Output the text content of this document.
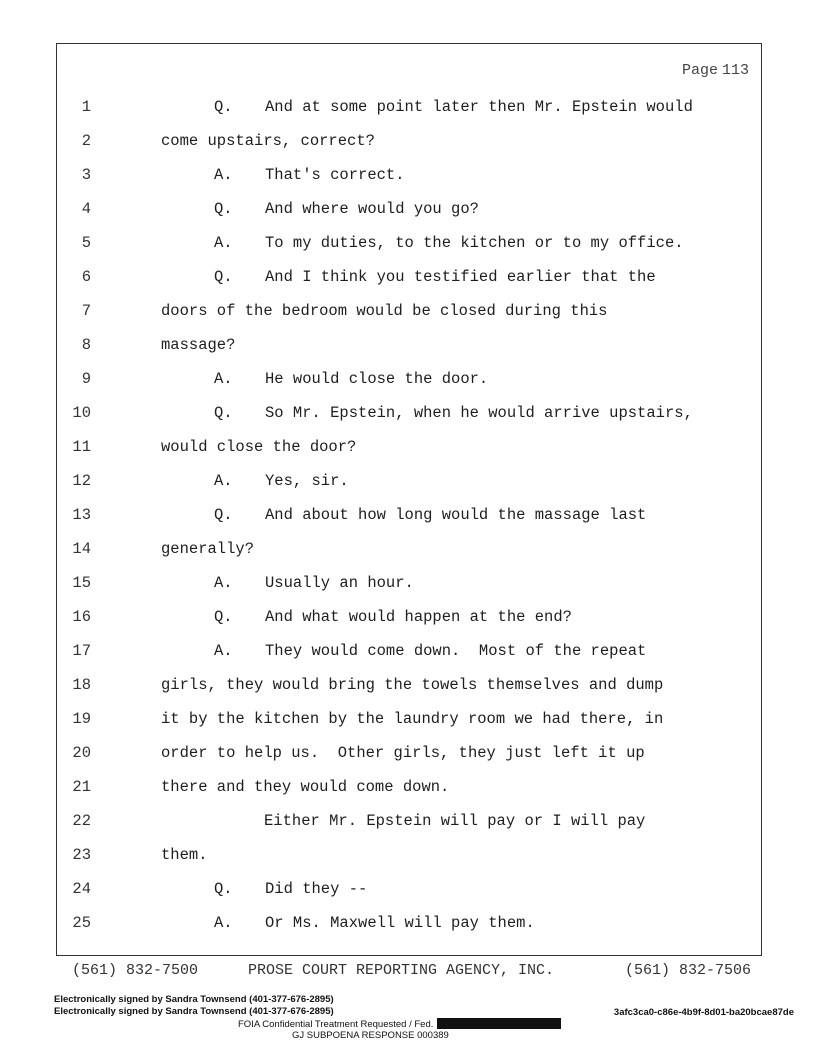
Page 113
1	Q. And at some point later then Mr. Epstein would
2	come upstairs, correct?
3	A. That's correct.
4	Q. And where would you go?
5	A. To my duties, to the kitchen or to my office.
6	Q. And I think you testified earlier that the
7	doors of the bedroom would be closed during this
8	massage?
9	A. He would close the door.
10	Q. So Mr. Epstein, when he would arrive upstairs,
11	would close the door?
12	A. Yes, sir.
13	Q. And about how long would the massage last
14	generally?
15	A. Usually an hour.
16	Q. And what would happen at the end?
17	A. They would come down.  Most of the repeat
18	girls, they would bring the towels themselves and dump
19	it by the kitchen by the laundry room we had there, in
20	order to help us.  Other girls, they just left it up
21	there and they would come down.
22	Either Mr. Epstein will pay or I will pay
23	them.
24	Q. Did they --
25	A. Or Ms. Maxwell will pay them.
(561) 832-7500	PROSE COURT REPORTING AGENCY, INC.	(561) 832-7506
Electronically signed by Sandra Townsend (401-377-676-2895)
Electronically signed by Sandra Townsend (401-377-676-2895)	3afc3ca0-c86e-4b9f-8d01-ba20bcae87de
FOIA Confidential Treatment Requested / Fed.
GJ SUBPOENA RESPONSE 000389
